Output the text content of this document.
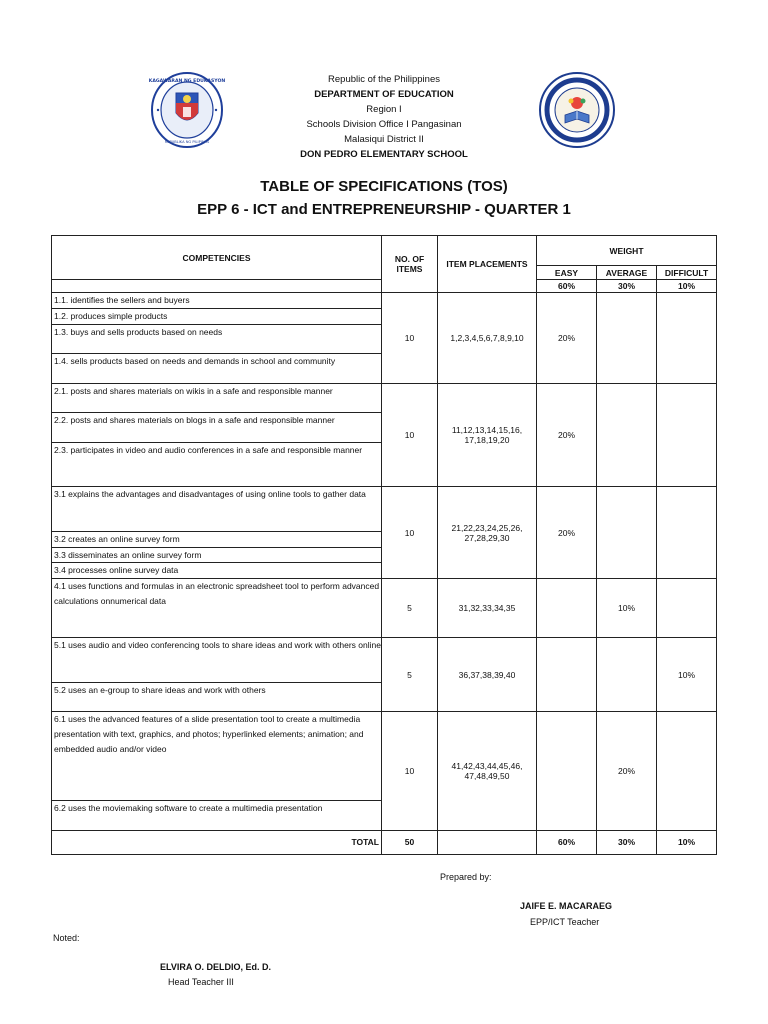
KAGAWARAN NG EDUKASYON
REPUBLIKA NG PILIPINAS
Republic of the Philippines
DEPARTMENT OF EDUCATION
Region I
Schools Division Office I Pangasinan
Malasiqui District II
DON PEDRO ELEMENTARY SCHOOL
TABLE OF SPECIFICATIONS (TOS)
EPP 6 - ICT and ENTREPRENEURSHIP - QUARTER 1
COMPETENCIES	NO. OF ITEMS	ITEM PLACEMENTS	WEIGHT		
			EASY	AVERAGE	DIFFICULT
			60%	30%	10%
1.1. identifies the sellers and buyers	10	1,2,3,4,5,6,7,8,9,10	20%		
1.2. produces simple products					
1.3. buys and sells products based on needs					
1.4. sells products based on needs and demands in school and community					
2.1. posts and shares materials on wikis in a safe and responsible manner	10	11,12,13,14,15,16, 17,18,19,20	20%		
2.2. posts and shares materials on blogs in a safe and responsible manner					
2.3. participates in video and audio conferences in a safe and responsible manner					
3.1 explains the advantages and disadvantages of using online tools to gather data	10	21,22,23,24,25,26, 27,28,29,30	20%		
3.2 creates an online survey form					
3.3 disseminates an online survey form					
3.4 processes online survey data					
4.1 uses functions and formulas in an electronic spreadsheet tool to perform advanced calculations onnumerical data	5	31,32,33,34,35		10%	
5.1 uses audio and video conferencing tools to share ideas and work with others online	5	36,37,38,39,40			10%
5.2 uses an e-group to share ideas and work with others					
6.1 uses the advanced features of a slide presentation tool to create a multimedia presentation with text, graphics, and photos; hyperlinked elements; animation; and embedded audio and/or video	10	41,42,43,44,45,46, 47,48,49,50		20%	
6.2 uses the moviemaking software to create a multimedia presentation					
TOTAL	50		60%	30%	10%
Prepared by:
JAIFE E. MACARAEG
EPP/ICT Teacher
Noted:
ELVIRA O. DELDIO, Ed. D.
Head Teacher III
